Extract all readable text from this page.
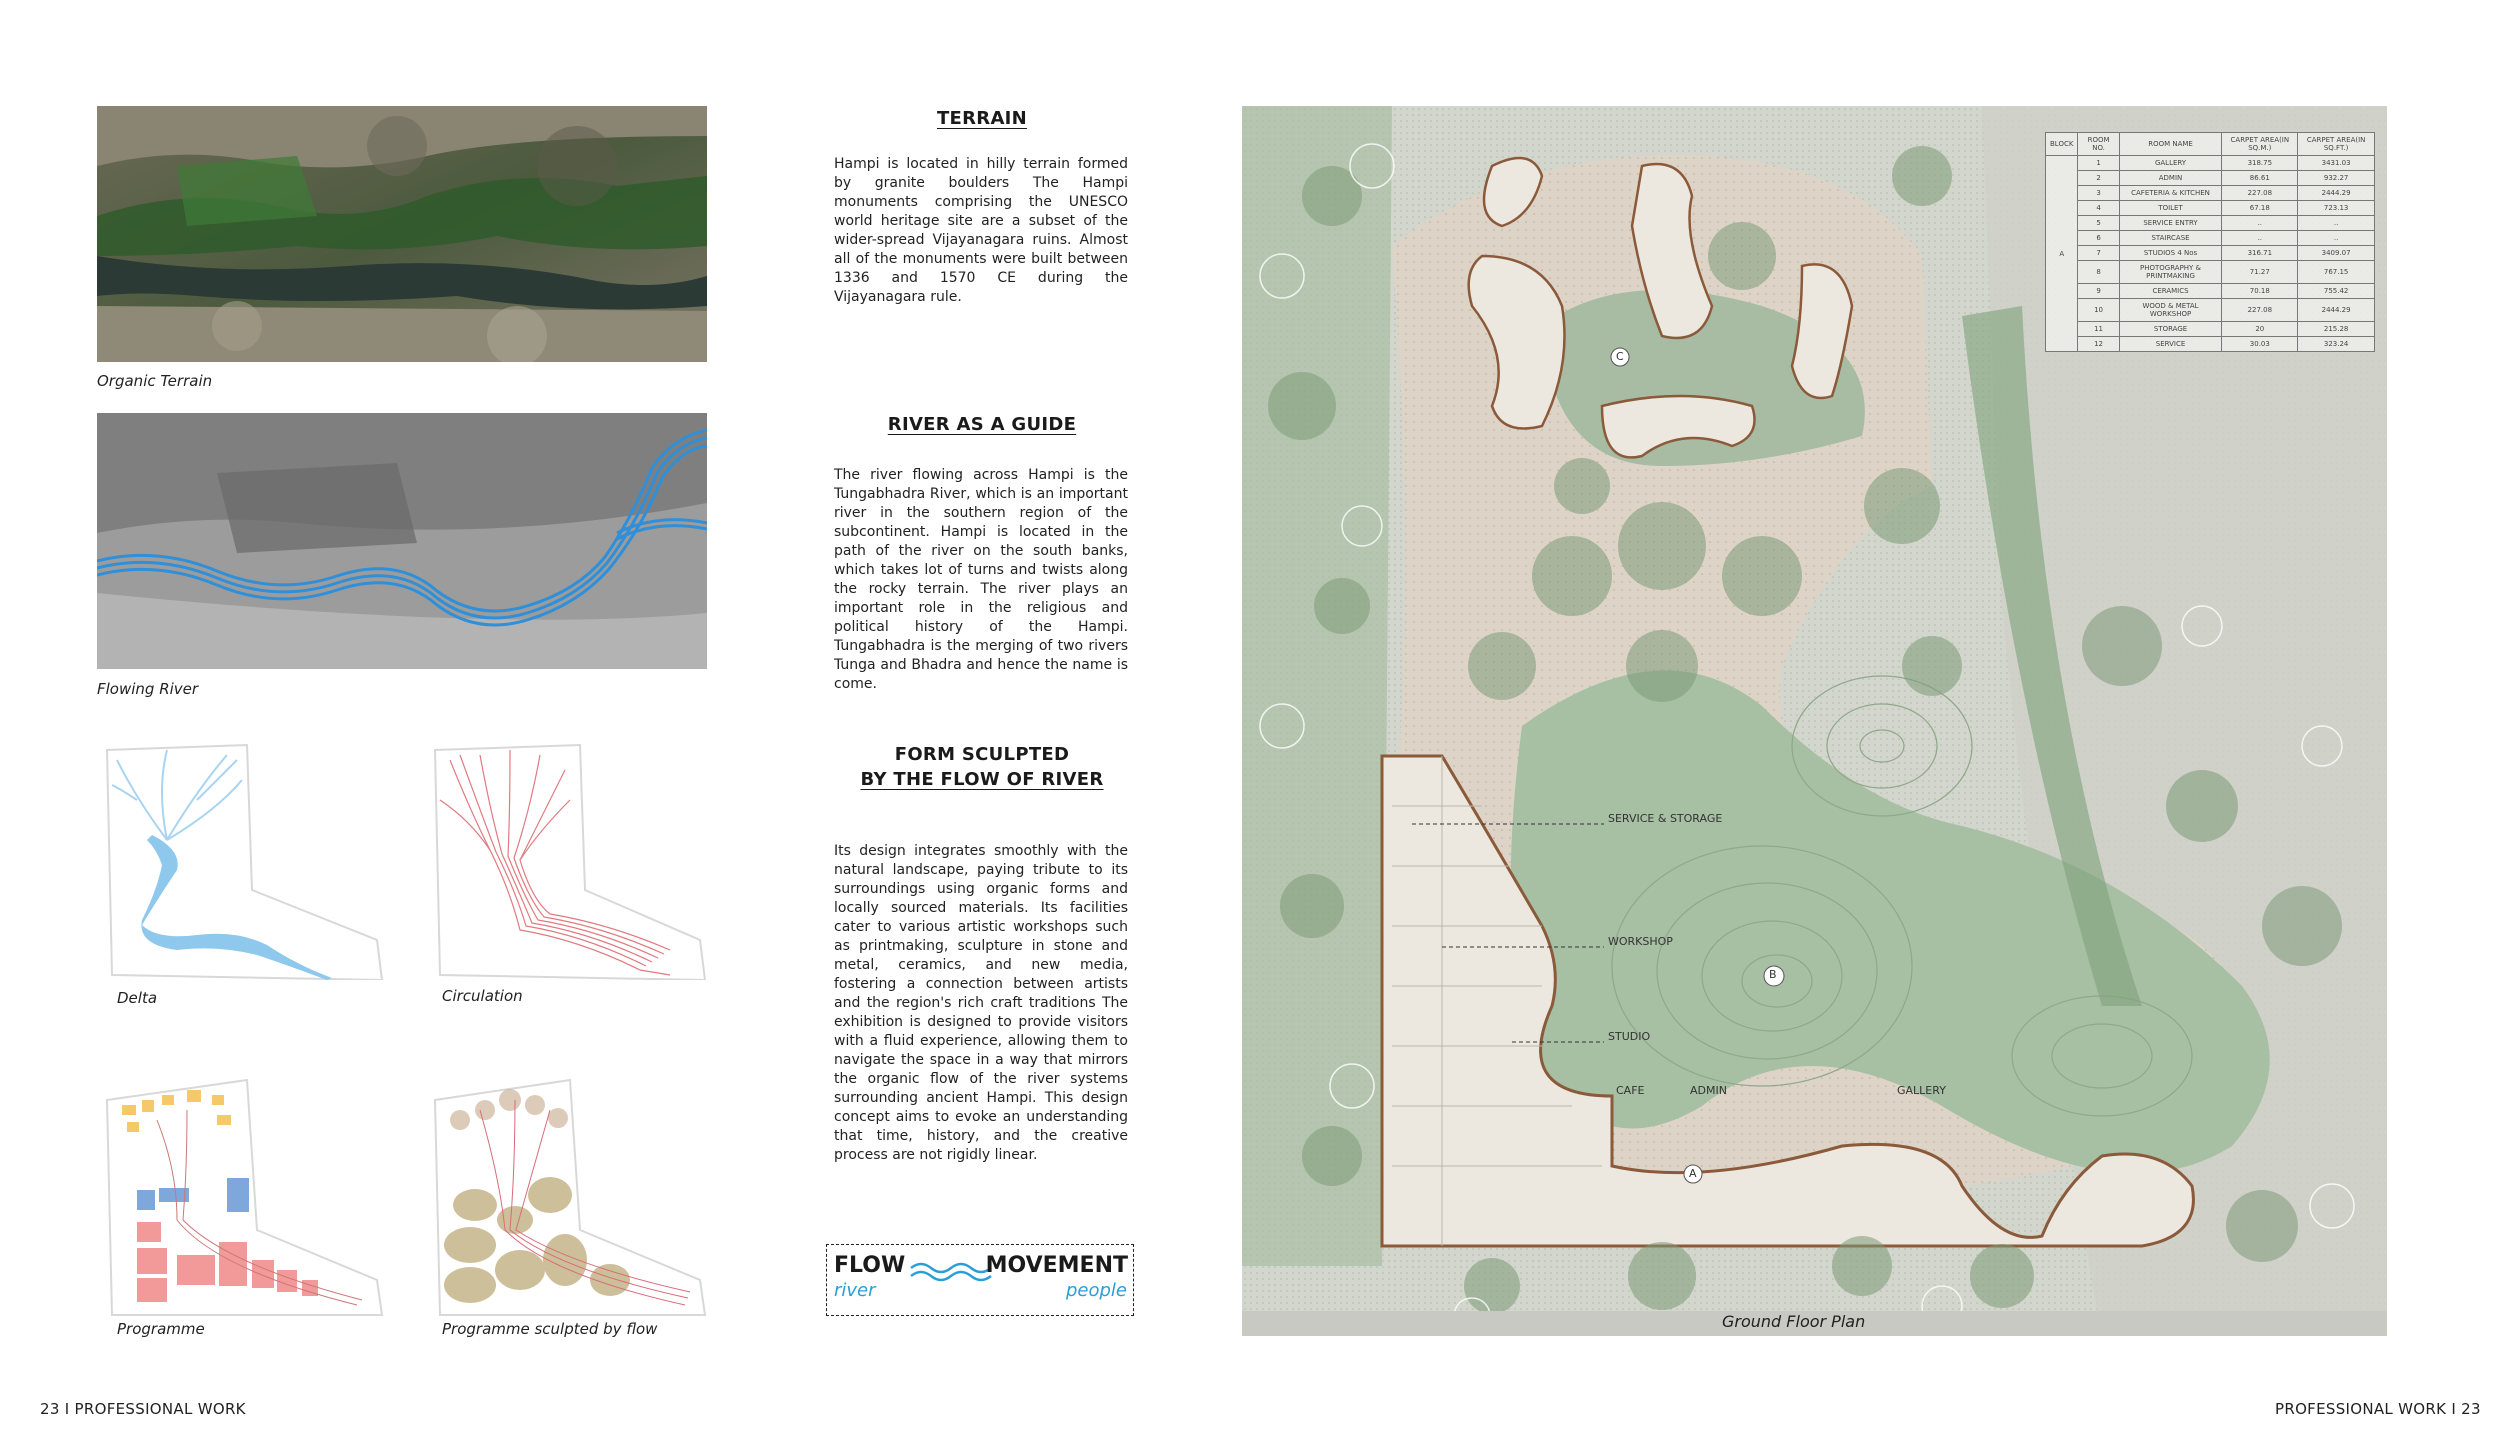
Organic Terrain
Flowing River
Delta	Circulation
Programme	Programme sculpted by flow
TERRAIN
Hampi is located in hilly terrain formed by granite boulders The Hampi monuments comprising the UNESCO world heritage site are a subset of the wider-spread Vijayanagara ruins. Almost all of the monuments were built between 1336 and 1570 CE during the Vijayanagara rule.
RIVER AS A GUIDE
The river flowing across Hampi is the Tungabhadra River, which is an important river in the southern region of the subcontinent. Hampi is located in the path of the river on the south banks, which takes lot of turns and twists along the rocky terrain. The river plays an important role in the religious and political history of the Hampi. Tungabhadra is the merging of two rivers Tunga and Bhadra and hence the name is come.
FORM SCULPTED
BY THE FLOW OF RIVER
Its design integrates smoothly with the natural landscape, paying tribute to its surroundings using organic forms and locally sourced materials. Its facilities cater to various artistic workshops such as printmaking, sculpture in stone and metal, ceramics, and new media, fostering a connection between artists and the region's rich craft traditions The exhibition is designed to provide visitors with a fluid experience, allowing them to navigate the space in a way that mirrors the organic flow of the river systems surrounding ancient Hampi. This design concept aims to evoke an understanding that time, history, and the creative process are not rigidly linear.
FLOW
river
MOVEMENT
people
BLOCK	ROOM NO.	ROOM NAME	CARPET AREA(IN SQ.M.)	CARPET AREA(IN SQ.FT.)
A	1	GALLERY	318.75	3431.03
	2	ADMIN	86.61	932.27
	3	CAFETERIA & KITCHEN	227.08	2444.29
	4	TOILET	67.18	723.13
	5	SERVICE ENTRY	..	..
	6	STAIRCASE	..	..
	7	STUDIOS 4 Nos	316.71	3409.07
	8	PHOTOGRAPHY & PRINTMAKING	71.27	767.15
	9	CERAMICS	70.18	755.42
	10	WOOD & METAL WORKSHOP	227.08	2444.29
	11	STORAGE	20	215.28
	12	SERVICE	30.03	323.24
SERVICE & STORAGE
WORKSHOP
STUDIO
CAFE	ADMIN	GALLERY
C
B
A
Ground Floor Plan
23 I PROFESSIONAL WORK	PROFESSIONAL WORK I 23
